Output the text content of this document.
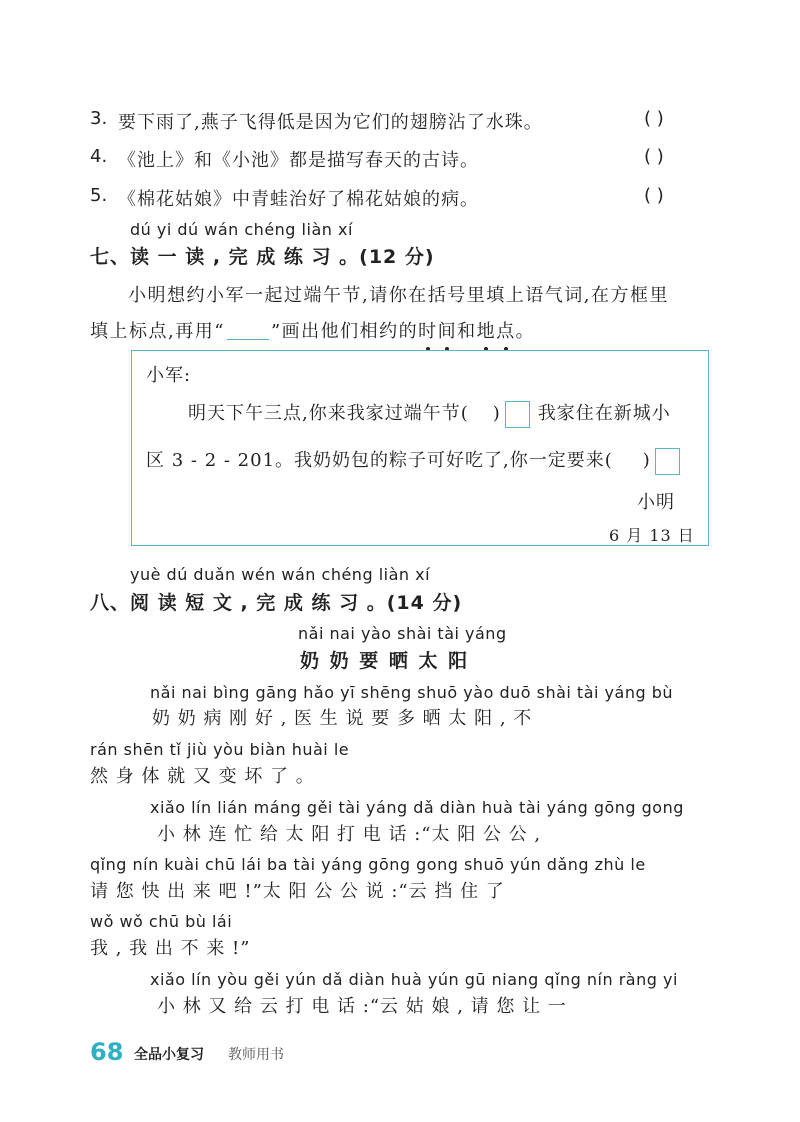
3. 要下雨了,燕子飞得低是因为它们的翅膀沾了水珠。	( )
4. 《池上》和《小池》都是描写春天的古诗。	( )
5. 《棉花姑娘》中青蛙治好了棉花姑娘的病。	( )
dú yi dú wán chéng liàn xí
七、读 一 读 , 完 成 练 习 。(12 分)
小明想约小军一起过端午节,请你在括号里填上语气词,在方框里
填上标点,再用“	”画出他们相约的时间和地点。
小军:
明天下午三点,你来我家过端午节( ) 我家住在新城小
区 3 - 2 - 201。我奶奶包的粽子可好吃了,你一定要来( )
小明
6 月 13 日
yuè dú duǎn wén wán chéng liàn xí
八、阅 读 短 文 , 完 成 练 习 。(14 分)
nǎi nai yào shài tài yáng
奶 奶 要 晒 太 阳
nǎi nai bìng gāng hǎo yī shēng shuō yào duō shài tài yáng bù
奶 奶 病 刚 好 , 医 生 说 要 多 晒 太 阳 , 不
rán shēn tǐ jiù yòu biàn huài le
然 身 体 就 又 变 坏 了 。
xiǎo lín lián máng gěi tài yáng dǎ diàn huà tài yáng gōng gong
小 林 连 忙 给 太 阳 打 电 话 :“太 阳 公 公 ,
qǐng nín kuài chū lái ba tài yáng gōng gong shuō yún dǎng zhù le
请 您 快 出 来 吧 !”太 阳 公 公 说 :“云 挡 住 了
wǒ wǒ chū bù lái
我 , 我 出 不 来 !”
xiǎo lín yòu gěi yún dǎ diàn huà yún gū niang qǐng nín ràng yi
小 林 又 给 云 打 电 话 :“云 姑 娘 , 请 您 让 一
68 全品小复习 教师用书
